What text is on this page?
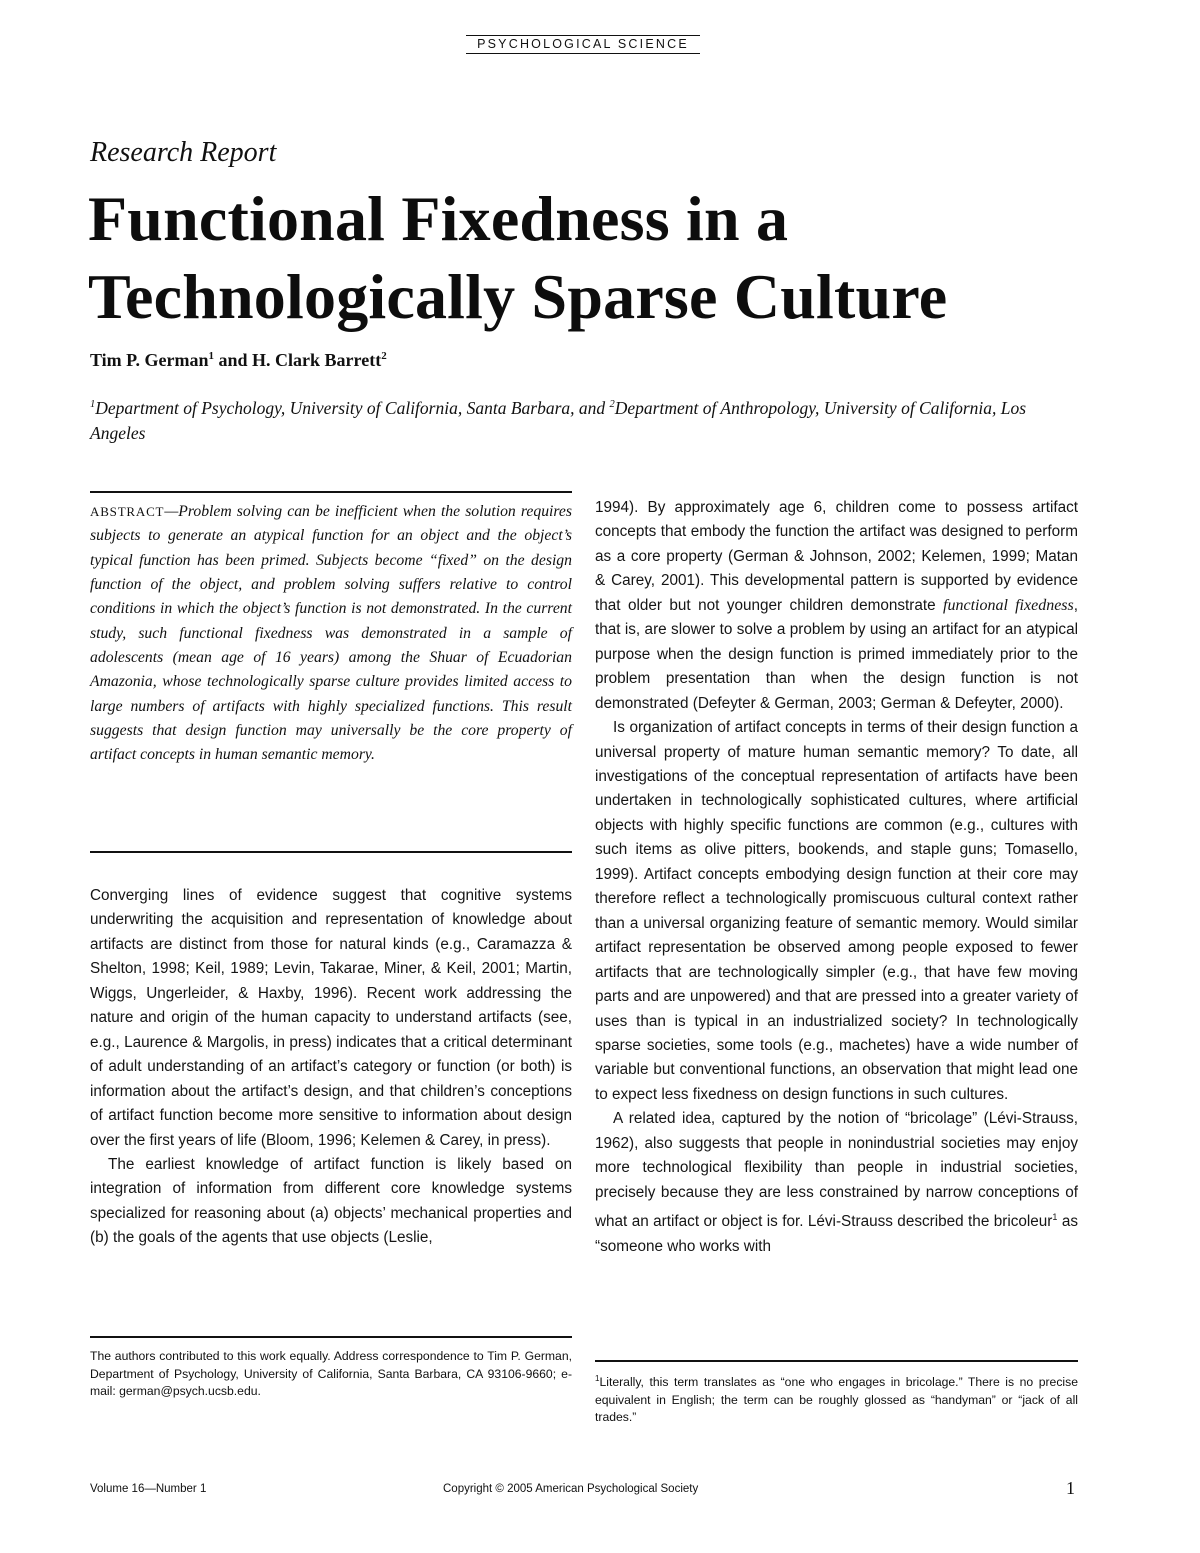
PSYCHOLOGICAL SCIENCE
Research Report
Functional Fixedness in a
Technologically Sparse Culture
Tim P. German$^1$ and H. Clark Barrett$^2$
$^1$Department of Psychology, University of California, Santa Barbara, and $^2$Department of Anthropology, University of California, Los Angeles

ABSTRACT—Problem solving can be inefficient when the solution requires subjects to generate an atypical function for an object and the object’s typical function has been primed. Subjects become “fixed” on the design function of the object, and problem solving suffers relative to control conditions in which the object’s function is not demonstrated. In the current study, such functional fixedness was demonstrated in a sample of adolescents (mean age of 16 years) among the Shuar of Ecuadorian Amazonia, whose technologically sparse culture provides limited access to large numbers of artifacts with highly specialized functions. This result suggests that design function may universally be the core property of artifact concepts in human semantic memory.

Converging lines of evidence suggest that cognitive systems underwriting the acquisition and representation of knowledge about artifacts are distinct from those for natural kinds (e.g., Caramazza & Shelton, 1998; Keil, 1989; Levin, Takarae, Miner, & Keil, 2001; Martin, Wiggs, Ungerleider, & Haxby, 1996). Recent work addressing the nature and origin of the human capacity to understand artifacts (see, e.g., Laurence & Margolis, in press) indicates that a critical determinant of adult understanding of an artifact’s category or function (or both) is information about the artifact’s design, and that children’s conceptions of artifact function become more sensitive to information about design over the first years of life (Bloom, 1996; Kelemen & Carey, in press).

The earliest knowledge of artifact function is likely based on integration of information from different core knowledge systems specialized for reasoning about (a) objects’ mechanical properties and (b) the goals of the agents that use objects (Leslie,

The authors contributed to this work equally. Address correspondence to Tim P. German, Department of Psychology, University of California, Santa Barbara, CA 93106-9660; e-mail: german@psych.ucsb.edu.

1994). By approximately age 6, children come to possess artifact concepts that embody the function the artifact was designed to perform as a core property (German & Johnson, 2002; Kelemen, 1999; Matan & Carey, 2001). This developmental pattern is supported by evidence that older but not younger children demonstrate functional fixedness, that is, are slower to solve a problem by using an artifact for an atypical purpose when the design function is primed immediately prior to the problem presentation than when the design function is not demonstrated (Defeyter & German, 2003; German & Defeyter, 2000).

Is organization of artifact concepts in terms of their design function a universal property of mature human semantic memory? To date, all investigations of the conceptual representation of artifacts have been undertaken in technologically sophisticated cultures, where artificial objects with highly specific functions are common (e.g., cultures with such items as olive pitters, bookends, and staple guns; Tomasello, 1999). Artifact concepts embodying design function at their core may therefore reflect a technologically promiscuous cultural context rather than a universal organizing feature of semantic memory. Would similar artifact representation be observed among people exposed to fewer artifacts that are technologically simpler (e.g., that have few moving parts and are unpowered) and that are pressed into a greater variety of uses than is typical in an industrialized society? In technologically sparse societies, some tools (e.g., machetes) have a wide number of variable but conventional functions, an observation that might lead one to expect less fixedness on design functions in such cultures.

A related idea, captured by the notion of “bricolage” (Lévi-Strauss, 1962), also suggests that people in nonindustrial societies may enjoy more technological flexibility than people in industrial societies, precisely because they are less constrained by narrow conceptions of what an artifact or object is for. Lévi-Strauss described the bricoleur$^1$ as “someone who works with

$^1$Literally, this term translates as “one who engages in bricolage.” There is no precise equivalent in English; the term can be roughly glossed as “handyman” or “jack of all trades.”

Volume 16—Number 1	Copyright © 2005 American Psychological Society	1
